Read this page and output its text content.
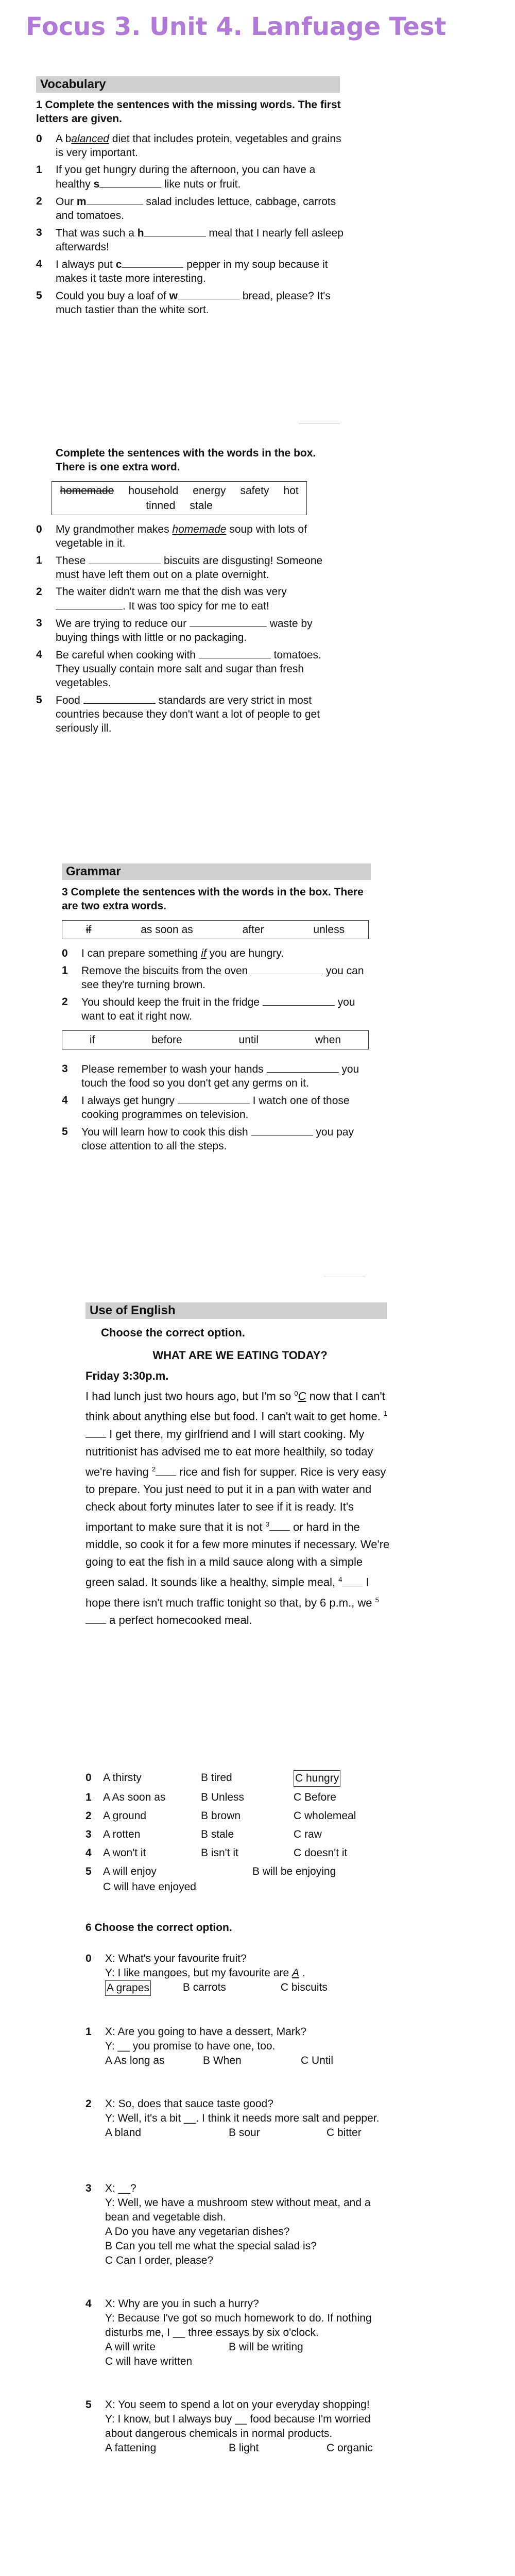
Focus 3. Unit 4. Lanfuage Test
Vocabulary

1 Complete the sentences with the missing words. The first letters are given.

0 A balanced diet that includes protein, vegetables and grains is very important.
1 If you get hungry during the afternoon, you can have a healthy s	like nuts or fruit.
2 Our m	salad includes lettuce, cabbage, carrots and tomatoes.
3 That was such a h	meal that I nearly fell asleep afterwards!
4 I always put c	pepper in my soup because it makes it taste more interesting.
5 Could you buy a loaf of w	bread, please? It's much tastier than the white sort.

Complete the sentences with the words in the box. There is one extra word.

homemade household energy safety hot
tinned stale
0 My grandmother makes homemade soup with lots of vegetable in it.
1 These	biscuits are disgusting! Someone must have left them out on a plate overnight.
2 The waiter didn't warn me that the dish was very . It was too spicy for me to eat!
3 We are trying to reduce our	waste by buying things with little or no packaging.
4 Be careful when cooking with	tomatoes. They usually contain more salt and sugar than fresh vegetables.
5 Food	standards are very strict in most countries because they don't want a lot of people to get seriously ill.
Grammar

3 Complete the sentences with the words in the box. There are two extra words.

if	as soon as	after	unless
0 I can prepare something if you are hungry.
1 Remove the biscuits from the oven	you can see they're turning brown.
2 You should keep the fruit in the fridge	you want to eat it right now.
if	before	until	when
3 Please remember to wash your hands	you touch the food so you don't get any germs on it.
4 I always get hungry	I watch one of those cooking programmes on television.
5 You will learn how to cook this dish	you pay close attention to all the steps.
Use of English
Choose the correct option.
WHAT ARE WE EATING TODAY?
Friday 3:30p.m.
I had lunch just two hours ago, but I'm so $^0$C now that I can't think about anything else but food. I can't wait to get home. $^1$ I get there, my girlfriend and I will start cooking. My nutritionist has advised me to eat more healthily, so today we're having $^2$ rice and fish for supper. Rice is very easy to prepare. You just need to put it in a pan with water and check about forty minutes later to see if it is ready. It's important to make sure that it is not $^3$ or hard in the middle, so cook it for a few more minutes if necessary. We're going to eat the fish in a mild sauce along with a simple green salad. It sounds like a healthy, simple meal, $^4$ I hope there isn't much traffic tonight so that, by 6 p.m., we $^5$ a perfect homecooked meal.
0 A thirsty	B tired	C hungry
1 A As soon as	B Unless	C Before
2 A ground	B brown	C wholemeal
3 A rotten	B stale	C raw
4 A won't it	B isn't it	C doesn't it
5 A will enjoy	B will be enjoying
C will have enjoyed
6 Choose the correct option.
0 X: What's your favourite fruit?
Y: I like mangoes, but my favourite are A .
A grapes	B carrots	C biscuits
1 X: Are you going to have a dessert, Mark?
Y: __ you promise to have one, too.
A As long as	B When	C Until
2 X: So, does that sauce taste good?
Y: Well, it's a bit __. I think it needs more salt and pepper.
A bland	B sour	C bitter
3 X: __?
Y: Well, we have a mushroom stew without meat, and a bean and vegetable dish.
A Do you have any vegetarian dishes?
B Can you tell me what the special salad is?
C Can I order, please?
4 X: Why are you in such a hurry?
Y: Because I've got so much homework to do. If nothing disturbs me, I __ three essays by six o'clock.
A will write	B will be writing
C will have written
5 X: You seem to spend a lot on your everyday shopping!
Y: I know, but I always buy __ food because I'm worried about dangerous chemicals in normal products.
A fattening	B light	C organic
